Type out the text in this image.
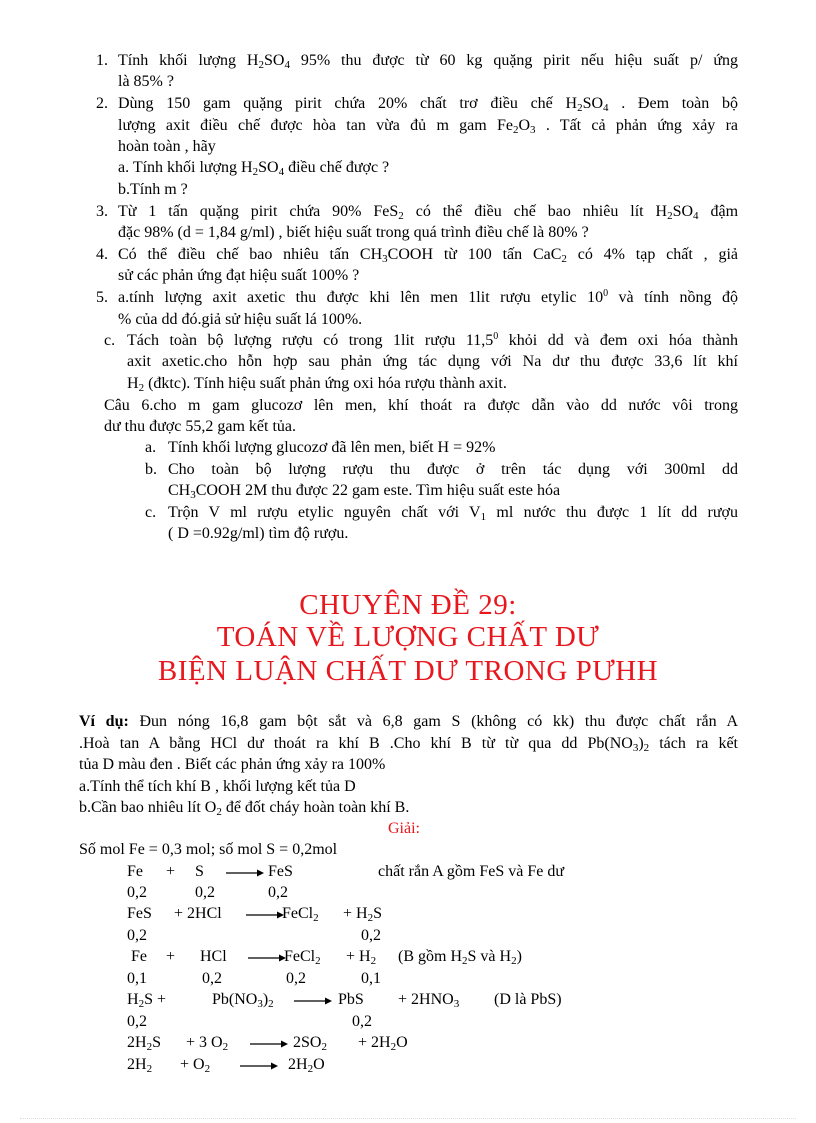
1. Tính khối lượng $H_2SO_4$ 95% thu được từ 60 kg quặng pirit nếu hiệu suất p/ ứng
là 85% ?
2. Dùng 150 gam quặng pirit chứa 20% chất trơ điều chế $H_2SO_4$ . Đem toàn bộ
lượng axit điều chế được hòa tan vừa đủ m gam $Fe_2O_3$ . Tất cả phản ứng xảy ra
hoàn toàn , hãy
a. Tính khối lượng $H_2SO_4$ điều chế được ?
b.Tính m ?
3. Từ 1 tấn quặng pirit chứa 90% FeS$_2$ có thể điều chế bao nhiêu lít $H_2SO_4$ đậm
đặc 98% (d = 1,84 g/ml) , biết hiệu suất trong quá trình điều chế là 80% ?
4. Có thể điều chế bao nhiêu tấn $CH_3COOH$ từ 100 tấn CaC$_2$ có 4% tạp chất , giả
sử các phản ứng đạt hiệu suất 100% ?
5. a.tính lượng axit axetic thu được khi lên men 1lit rượu etylic $10^0$ và tính nồng độ
% của dd đó.giả sử hiệu suất lá 100%.
c. Tách toàn bộ lượng rượu có trong 1lit rượu 11,5$^0$ khỏi dd và đem oxi hóa thành
axit axetic.cho hỗn hợp sau phản ứng tác dụng với Na dư thu được 33,6 lít khí
$H_2$ (đktc). Tính hiệu suất phản ứng oxi hóa rượu thành axit.
Câu 6.cho m gam glucozơ lên men, khí thoát ra được dẫn vào dd nước vôi trong
dư thu được 55,2 gam kết tủa.
a. Tính khối lượng glucozơ đã lên men, biết H = 92%
b. Cho toàn bộ lượng rượu thu được ở trên tác dụng với 300ml dd
$CH_3COOH$ 2M thu được 22 gam este. Tìm hiệu suất este hóa
c. Trộn V ml rượu etylic nguyên chất với $V_1$ ml nước thu được 1 lít dd rượu
( D =0.92g/ml) tìm độ rượu.
CHUYÊN ĐỀ 29:
TOÁN VỀ LƯỢNG CHẤT DƯ
BIỆN LUẬN CHẤT DƯ TRONG PƯHH
Ví dụ: Đun nóng 16,8 gam bột sắt và 6,8 gam S (không có kk) thu được chất rắn A
.Hoà tan A bằng HCl dư thoát ra khí B .Cho khí B từ từ qua dd $Pb(NO_3)_2$ tách ra kết
tủa D màu đen . Biết các phản ứng xảy ra 100%
a.Tính thể tích khí B , khối lượng kết tủa D
b.Cần bao nhiêu lít $O_2$ để đốt cháy hoàn toàn khí B.
Giải:
Số mol Fe = 0,3 mol; số mol S = 0,2mol
Fe + S → FeS	chất rắn A gồm FeS và Fe dư
0,2	0,2	0,2
FeS + 2HCl →
FeCl$_2$ + $H_2S$
0,2	0,2
Fe + HCl →
FeCl$_2$ + $H_2$ (B gồm $H_2S$ và $H_2$)
0,1	0,2	0,2	0,1
$H_2S$ +	$Pb(NO_3)_2$ → PbS + $2HNO_3$ (D là PbS)
0,2	0,2
$2H_2S + 3$ $O_2 \to 2SO_2 + 2H_2O$
$2H_2 + O_2 \to 2H_2O$
